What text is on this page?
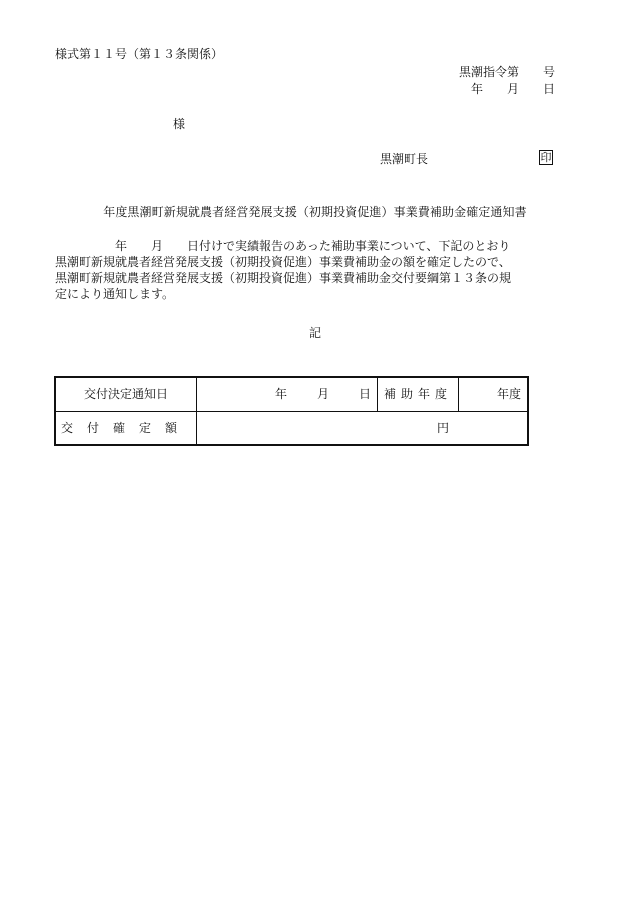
様式第１１号（第１３条関係）
黒潮指令第　　号
年　　月　　日
様
黒潮町長	印
年度黒潮町新規就農者経営発展支援（初期投資促進）事業費補助金確定通知書
　　　　　年　　月　　日付けで実績報告のあった補助事業について、下記のとおり
黒潮町新規就農者経営発展支援（初期投資促進）事業費補助金の額を確定したので、
黒潮町新規就農者経営発展支援（初期投資促進）事業費補助金交付要綱第１３条の規
定により通知します。
記
交付決定通知日	年 月 日	補助年度	年度
交付確定額	円		
